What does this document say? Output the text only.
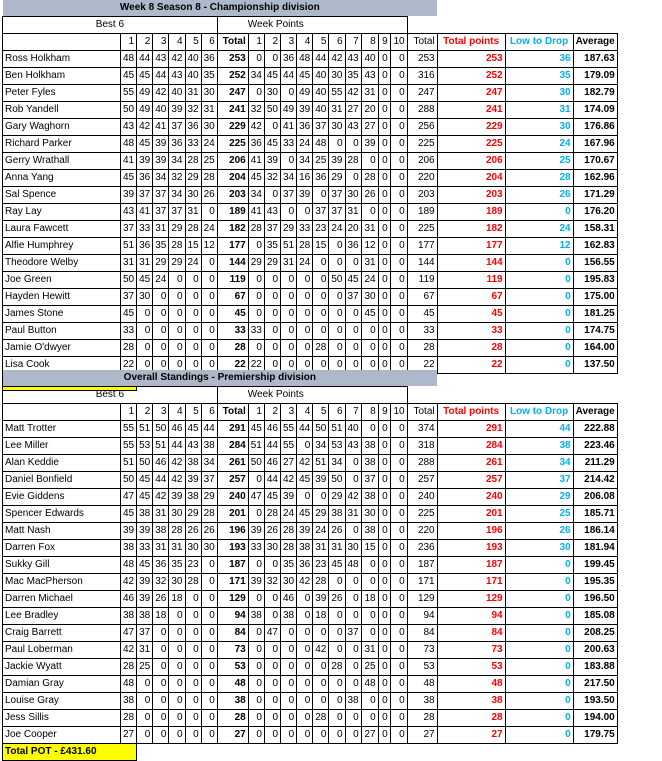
Week 8 Season 8 - Championship division																					
Best 6							Week Points														
	1	2	3	4	5	6	Total	1	2	3	4	5	6	7	8	9	10	Total	Total points	Low to Drop	Average
Ross Holkham	48	44	43	42	40	36	253	0	0	36	48	44	42	43	40	0	0	253	253	36	187.63
Ben Holkham	45	45	44	43	40	35	252	34	45	44	45	40	30	35	43	0	0	316	252	35	179.09
Peter Fyles	55	49	42	40	31	30	247	0	30	0	49	40	55	42	31	0	0	247	247	30	182.79
Rob Yandell	50	49	40	39	32	31	241	32	50	49	39	40	31	27	20	0	0	288	241	31	174.09
Gary Waghorn	43	42	41	37	36	30	229	42	0	41	36	37	30	43	27	0	0	256	229	30	176.86
Richard Parker	48	45	39	36	33	24	225	36	45	33	24	48	0	0	39	0	0	225	225	24	167.96
Gerry Wrathall	41	39	39	34	28	25	206	41	39	0	34	25	39	28	0	0	0	206	206	25	170.67
Anna Yang	45	36	34	32	29	28	204	45	32	34	16	36	29	0	28	0	0	220	204	28	162.96
Sal Spence	39	37	37	34	30	26	203	34	0	37	39	0	37	30	26	0	0	203	203	26	171.29
Ray Lay	43	41	37	37	31	0	189	41	43	0	0	37	37	31	0	0	0	189	189	0	176.20
Laura Fawcett	37	33	31	29	28	24	182	28	37	29	33	23	24	20	31	0	0	225	182	24	158.31
Alfie Humphrey	51	36	35	28	15	12	177	0	35	51	28	15	0	36	12	0	0	177	177	12	162.83
Theodore Welby	31	31	29	29	24	0	144	29	29	31	24	0	0	0	31	0	0	144	144	0	156.55
Joe Green	50	45	24	0	0	0	119	0	0	0	0	0	50	45	24	0	0	119	119	0	195.83
Hayden Hewitt	37	30	0	0	0	0	67	0	0	0	0	0	0	37	30	0	0	67	67	0	175.00
James Stone	45	0	0	0	0	0	45	0	0	0	0	0	0	0	45	0	0	45	45	0	181.25
Paul Button	33	0	0	0	0	0	33	33	0	0	0	0	0	0	0	0	0	33	33	0	174.75
Jamie O'dwyer	28	0	0	0	0	0	28	0	0	0	0	28	0	0	0	0	0	28	28	0	164.00
Lisa Cook	22	0	0	0	0	0	22	22	0	0	0	0	0	0	0	0	0	22	22	0	137.50

Overall Standings - Premiership division																					
Best 6							Week Points														
	1	2	3	4	5	6	Total	1	2	3	4	5	6	7	8	9	10	Total	Total points	Low to Drop	Average
Matt Trotter	55	51	50	46	45	44	291	45	46	55	44	50	51	40	0	0	0	374	291	44	222.88
Lee Miller	55	53	51	44	43	38	284	51	44	55	0	34	53	43	38	0	0	318	284	38	223.46
Alan Keddie	51	50	46	42	38	34	261	50	46	27	42	51	34	0	38	0	0	288	261	34	211.29
Daniel Bonfield	50	45	44	42	39	37	257	0	44	42	45	39	50	0	37	0	0	257	257	37	214.42
Evie Giddens	47	45	42	39	38	29	240	47	45	39	0	0	29	42	38	0	0	240	240	29	206.08
Spencer Edwards	45	38	31	30	29	28	201	0	28	24	45	29	38	31	30	0	0	225	201	25	185.71
Matt Nash	39	39	38	28	26	26	196	39	26	28	39	24	26	0	38	0	0	220	196	26	186.14
Darren Fox	38	33	31	31	30	30	193	33	30	28	38	31	31	30	15	0	0	236	193	30	181.94
Sukky Gill	48	45	36	35	23	0	187	0	0	35	36	23	45	48	0	0	0	187	187	0	199.45
Mac MacPherson	42	39	32	30	28	0	171	39	32	30	42	28	0	0	0	0	0	171	171	0	195.35
Darren Michael	46	39	26	18	0	0	129	0	0	46	0	39	26	0	18	0	0	129	129	0	196.50
Lee Bradley	38	38	18	0	0	0	94	38	0	38	0	18	0	0	0	0	0	94	94	0	185.08
Craig Barrett	47	37	0	0	0	0	84	0	47	0	0	0	0	37	0	0	0	84	84	0	208.25
Paul Loberman	42	31	0	0	0	0	73	0	0	0	0	42	0	0	31	0	0	73	73	0	200.63
Jackie Wyatt	28	25	0	0	0	0	53	0	0	0	0	0	28	0	25	0	0	53	53	0	183.88
Damian Gray	48	0	0	0	0	0	48	0	0	0	0	0	0	0	48	0	0	48	48	0	217.50
Louise Gray	38	0	0	0	0	0	38	0	0	0	0	0	0	38	0	0	0	38	38	0	193.50
Jess Sillis	28	0	0	0	0	0	28	0	0	0	0	28	0	0	0	0	0	28	28	0	194.00
Joe Cooper	27	0	0	0	0	0	27	0	0	0	0	0	0	0	27	0	0	27	27	0	179.75
Total POT - £431.60																					
